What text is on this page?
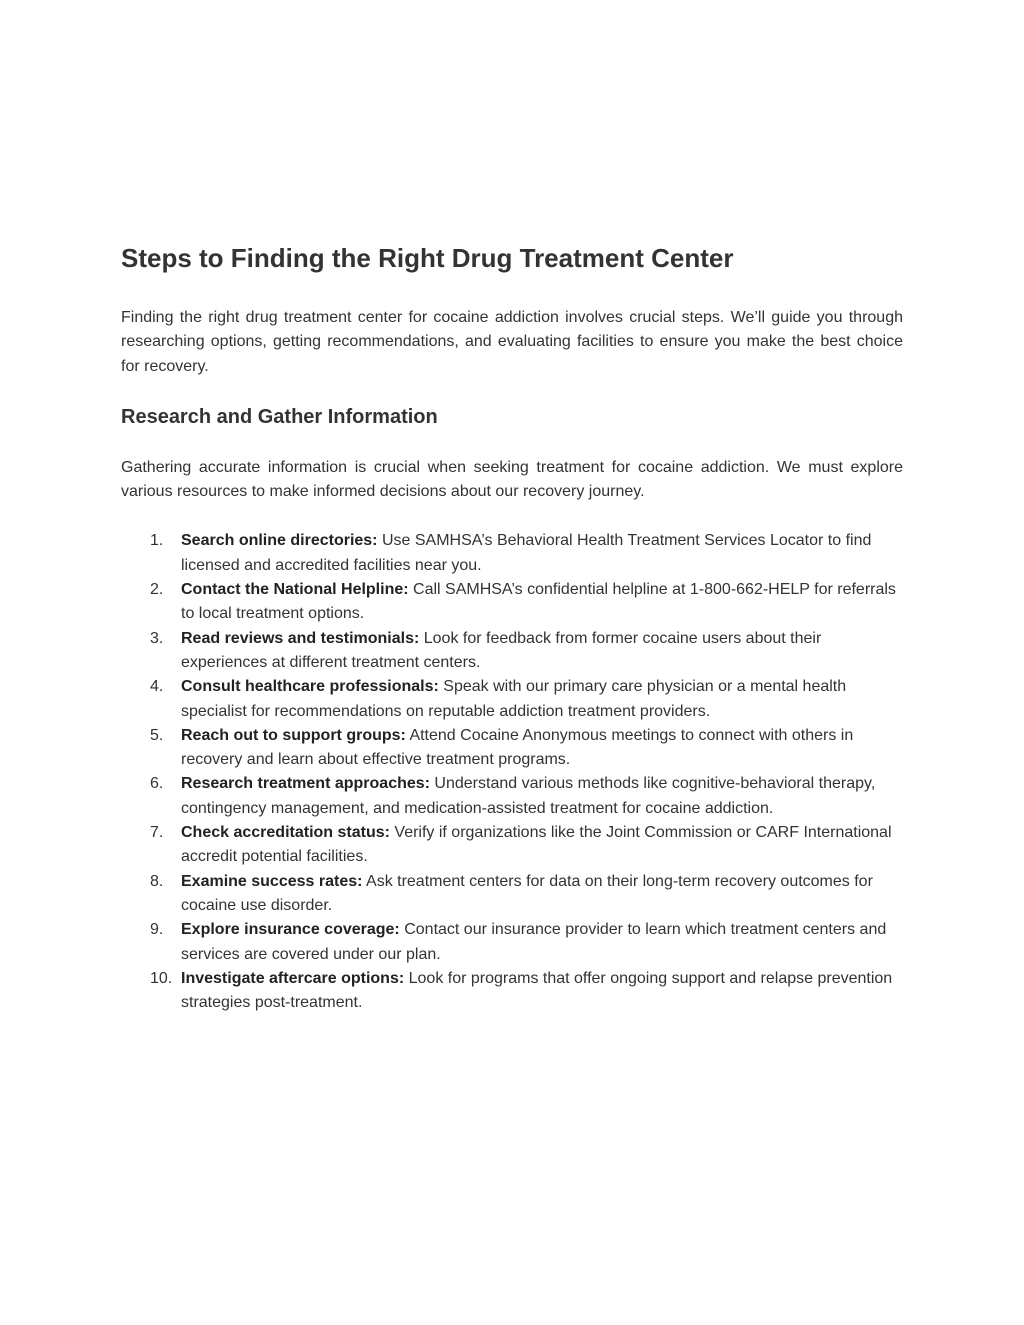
Steps to Finding the Right Drug Treatment Center

Finding the right drug treatment center for cocaine addiction involves crucial steps. We’ll guide you through researching options, getting recommendations, and evaluating facilities to ensure you make the best choice for recovery.

Research and Gather Information

Gathering accurate information is crucial when seeking treatment for cocaine addiction. We must explore various resources to make informed decisions about our recovery journey.

1. Search online directories: Use SAMHSA’s Behavioral Health Treatment Services Locator to find licensed and accredited facilities near you.
2. Contact the National Helpline: Call SAMHSA’s confidential helpline at 1-800-662-HELP for referrals to local treatment options.
3. Read reviews and testimonials: Look for feedback from former cocaine users about their experiences at different treatment centers.
4. Consult healthcare professionals: Speak with our primary care physician or a mental health specialist for recommendations on reputable addiction treatment providers.
5. Reach out to support groups: Attend Cocaine Anonymous meetings to connect with others in recovery and learn about effective treatment programs.
6. Research treatment approaches: Understand various methods like cognitive-behavioral therapy, contingency management, and medication-assisted treatment for cocaine addiction.
7. Check accreditation status: Verify if organizations like the Joint Commission or CARF International accredit potential facilities.
8. Examine success rates: Ask treatment centers for data on their long-term recovery outcomes for cocaine use disorder.
9. Explore insurance coverage: Contact our insurance provider to learn which treatment centers and services are covered under our plan.
10. Investigate aftercare options: Look for programs that offer ongoing support and relapse prevention strategies post-treatment.
